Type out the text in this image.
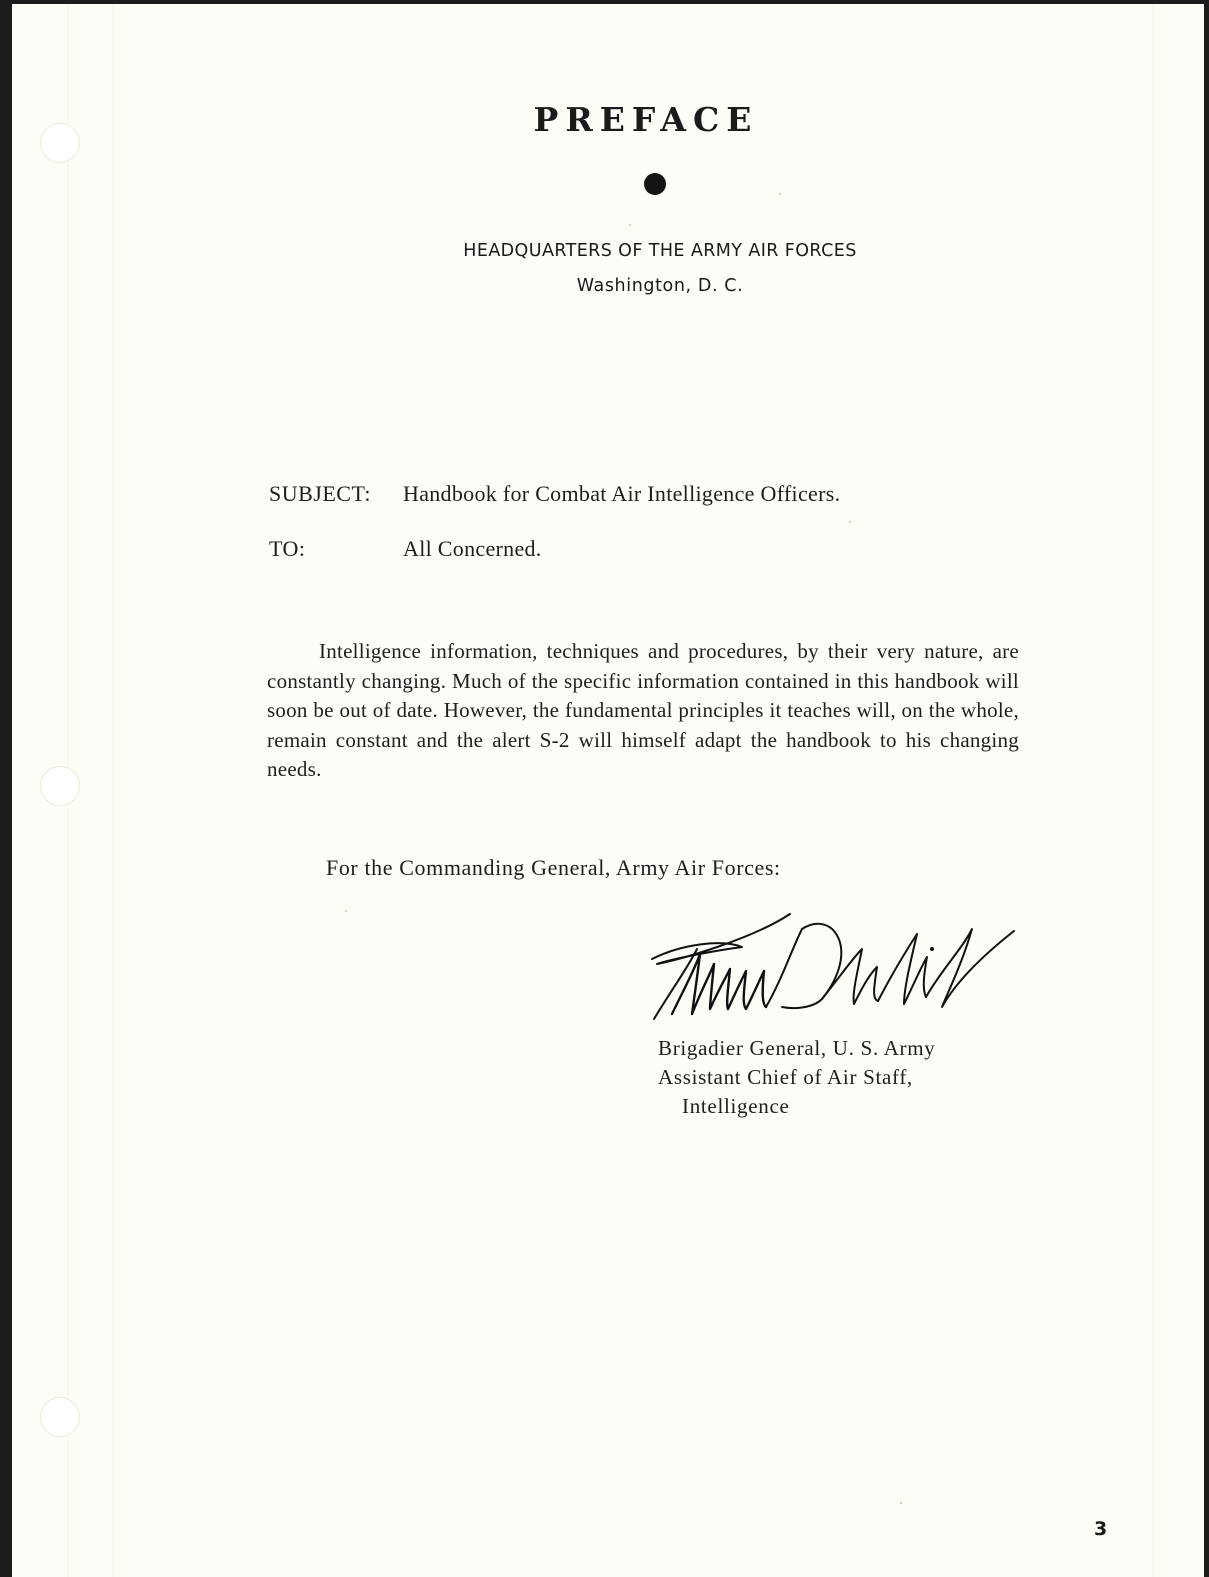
PREFACE
HEADQUARTERS OF THE ARMY AIR FORCES
Washington, D. C.
SUBJECT: Handbook for Combat Air Intelligence Officers.
TO:	All Concerned.
Intelligence information, techniques and procedures, by their very nature, are constantly changing. Much of the specific information contained in this handbook will soon be out of date. However, the fundamental principles it teaches will, on the whole, remain constant and the alert S-2 will himself adapt the handbook to his changing needs.
For the Commanding General, Army Air Forces:
Brigadier General, U. S. Army
Assistant Chief of Air Staff,
Intelligence
3
